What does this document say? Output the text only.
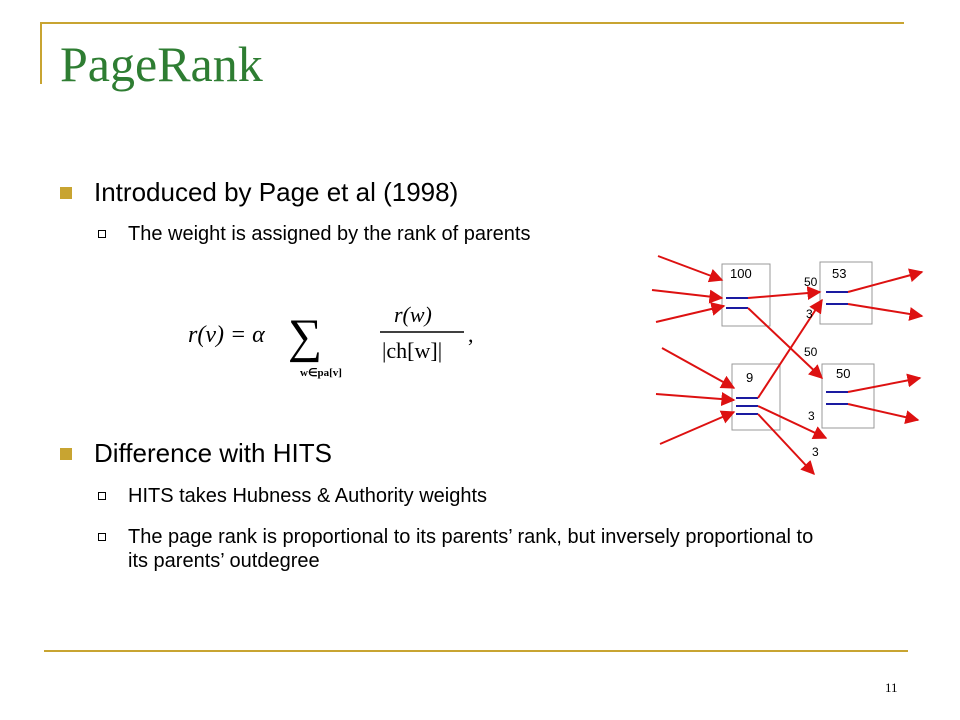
PageRank
Introduced by Page et al (1998)
The weight is assigned by the rank of parents
r(v) = α ∑
w∈pa[v]
r(w)
|ch[w]|
,
100	53
9	50
50
3
50
3
3
Difference with HITS
HITS takes Hubness & Authority weights
The page rank is proportional to its parents’ rank, but inversely proportional to its parents’ outdegree
11
